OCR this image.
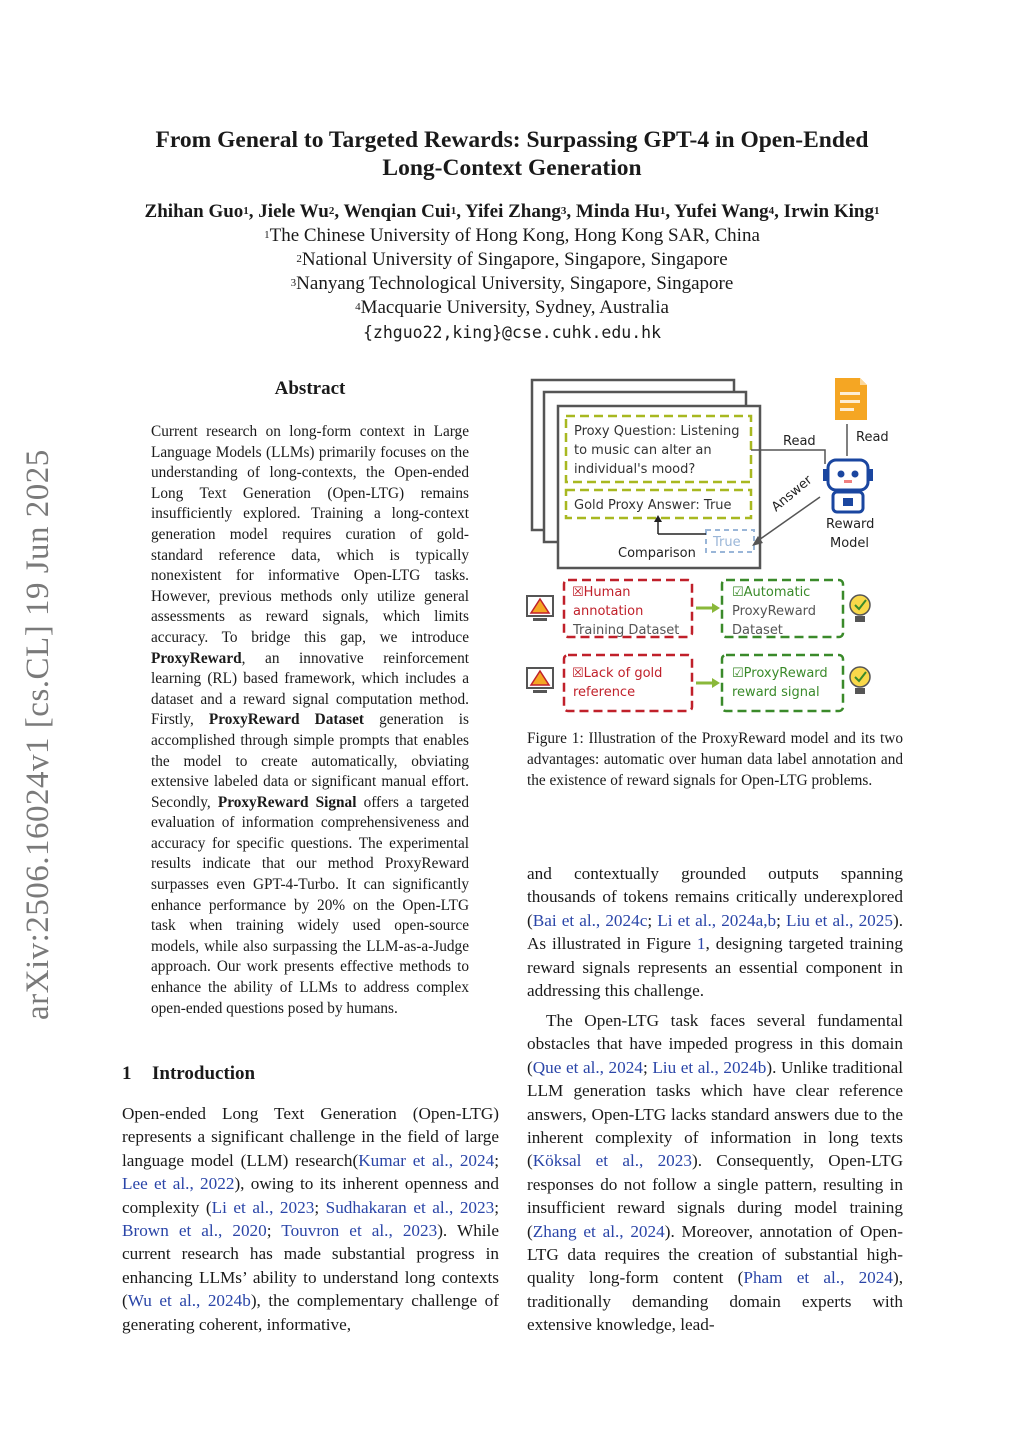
From General to Targeted Rewards: Surpassing GPT-4 in Open-Ended
Long-Context Generation
Zhihan Guo$^1$, Jiele Wu$^2$, Wenqian Cui$^1$, Yifei Zhang$^3$, Minda Hu$^1$, Yufei Wang$^4$, Irwin King$^1$
$^1$The Chinese University of Hong Kong, Hong Kong SAR, China
$^2$National University of Singapore, Singapore, Singapore
$^3$Nanyang Technological University, Singapore, Singapore
$^4$Macquarie University, Sydney, Australia
{zhguo22,king}@cse.cuhk.edu.hk
arXiv:2506.16024v1 [cs.CL] 19 Jun 2025
Abstract
Current research on long-form context in Large Language Models (LLMs) primarily focuses on the understanding of long-contexts, the Open-ended Long Text Generation (Open-LTG) remains insufficiently explored. Training a long-context generation model requires curation of gold-standard reference data, which is typically nonexistent for informative Open-LTG tasks. However, previous methods only utilize general assessments as reward signals, which limits accuracy. To bridge this gap, we introduce ProxyReward, an innovative reinforcement learning (RL) based framework, which includes a dataset and a reward signal computation method. Firstly, ProxyReward Dataset generation is accomplished through simple prompts that enables the model to create automatically, obviating extensive labeled data or significant manual effort. Secondly, ProxyReward Signal offers a targeted evaluation of information comprehensiveness and accuracy for specific questions. The experimental results indicate that our method ProxyReward surpasses even GPT-4-Turbo. It can significantly enhance performance by 20% on the Open-LTG task when training widely used open-source models, while also surpassing the LLM-as-a-Judge approach. Our work presents effective methods to enhance the ability of LLMs to address complex open-ended questions posed by humans.
1 Introduction

Open-ended Long Text Generation (Open-LTG) represents a significant challenge in the field of large language model (LLM) research(Kumar et al., 2024; Lee et al., 2022), owing to its inherent openness and complexity (Li et al., 2023; Sudhakaran et al., 2023; Brown et al., 2020; Touvron et al., 2023). While current research has made substantial progress in enhancing LLMs’ ability to understand long contexts (Wu et al., 2024b), the complementary challenge of generating coherent, informative,

Proxy Question: Listening
to music can alter an
individual's mood?
Gold Proxy Answer: True
True
Comparison
Read	Read
Answer
Reward
Model
☒Human
annotation
Training Dataset
☑Automatic
ProxyReward
Dataset
☒Lack of gold
reference
☑ProxyReward
reward signal
Figure 1: Illustration of the ProxyReward model and its two advantages: automatic over human data label annotation and the existence of reward signals for Open-LTG problems.

and contextually grounded outputs spanning thousands of tokens remains critically underexplored (Bai et al., 2024c; Li et al., 2024a,b; Liu et al., 2025). As illustrated in Figure 1, designing targeted training reward signals represents an essential component in addressing this challenge.

The Open-LTG task faces several fundamental obstacles that have impeded progress in this domain (Que et al., 2024; Liu et al., 2024b). Unlike traditional LLM generation tasks which have clear reference answers, Open-LTG lacks standard answers due to the inherent complexity of information in long texts (Köksal et al., 2023). Consequently, Open-LTG responses do not follow a single pattern, resulting in insufficient reward signals during model training (Zhang et al., 2024). Moreover, annotation of Open-LTG data requires the creation of substantial high-quality long-form content (Pham et al., 2024), traditionally demanding domain experts with extensive knowledge, lead-
